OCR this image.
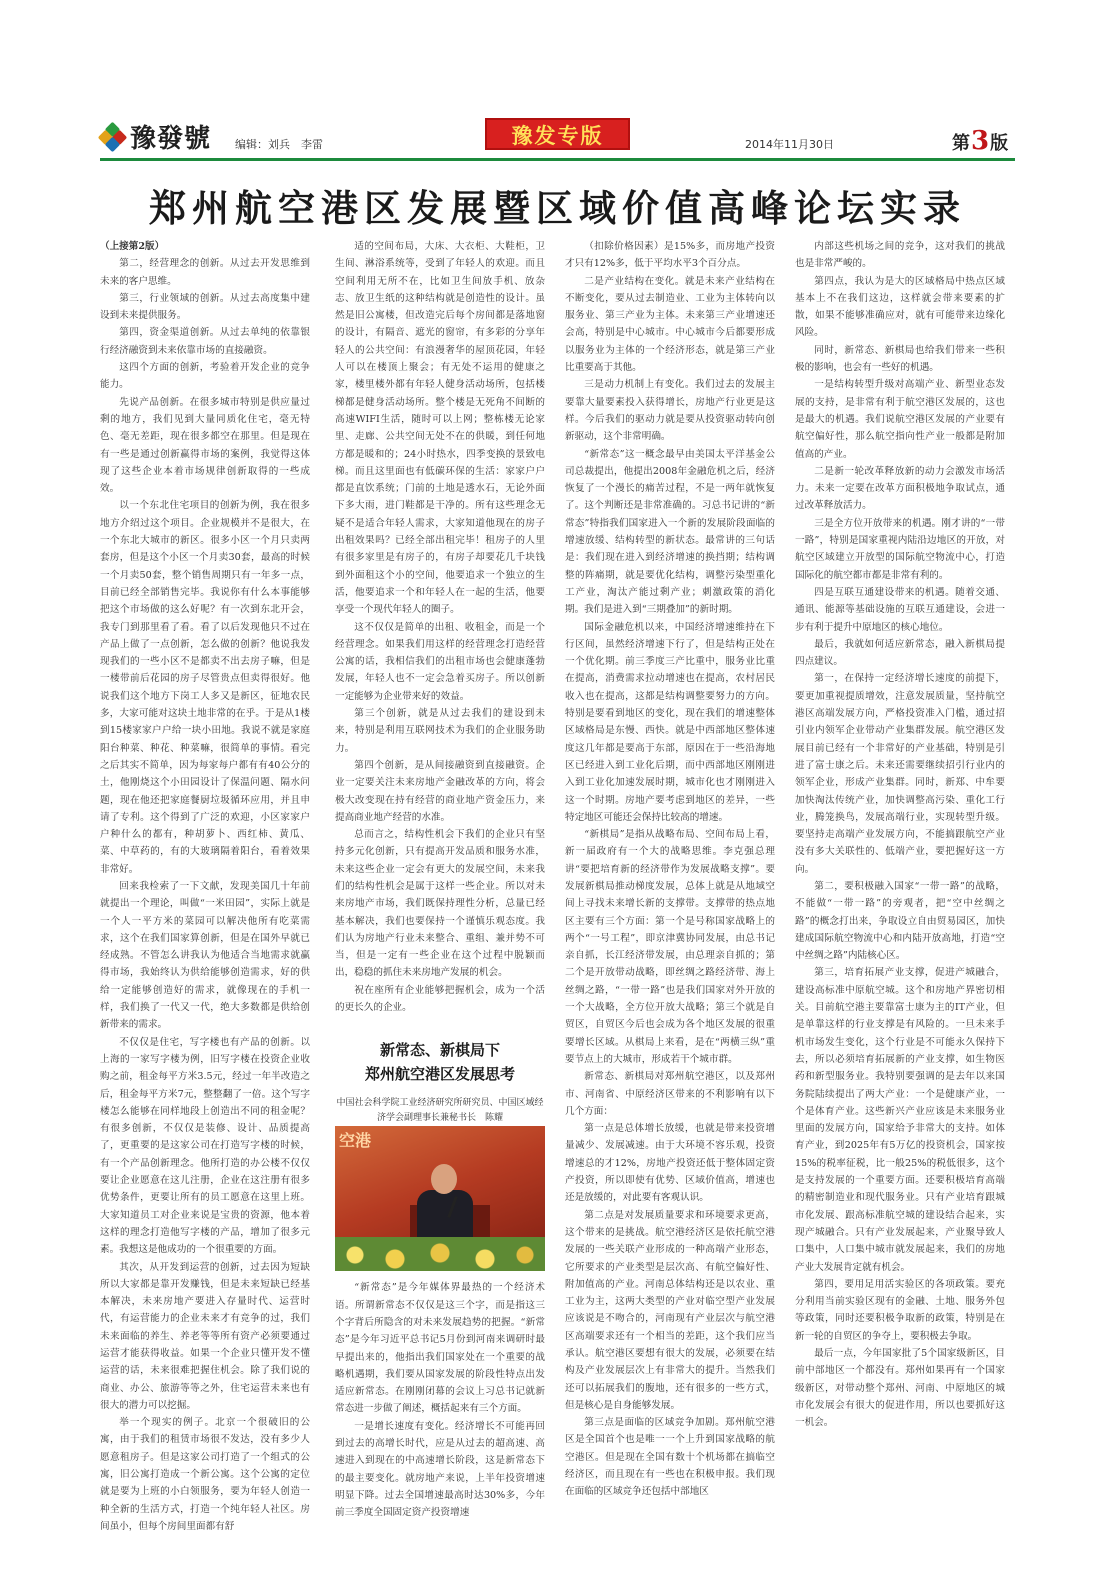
豫發號 编辑：刘兵　李雷	豫发专版	2014年11月30日	第3版
郑州航空港区发展暨区域价值高峰论坛实录

（上接第2版）

第二，经营理念的创新。从过去开发思维到未来的客户思维。

第三，行业领域的创新。从过去高度集中建设到未来提供服务。

第四，资金渠道创新。从过去单纯的依靠银行经济融资到未来依靠市场的直接融资。

这四个方面的创新，考验着开发企业的竞争能力。

先说产品创新。在很多城市特别是供应量过剩的地方，我们见到大量同质化住宅，毫无特色、毫无差距，现在很多都空在那里。但是现在有一些是通过创新赢得市场的案例，我觉得这体现了这些企业本着市场规律创新取得的一些成效。

以一个东北住宅项目的创新为例，我在很多地方介绍过这个项目。企业规模并不是很大，在一个东北大城市的新区。很多小区一个月只卖两套房，但是这个小区一个月卖30套，最高的时候一个月卖50套，整个销售周期只有一年多一点，目前已经全部销售完毕。我说你有什么本事能够把这个市场做的这么好呢？有一次到东北开会，我专门到那里看了看。看了以后发现他只不过在产品上做了一点创新，怎么做的创新？他说我发现我们的一些小区不是都卖不出去房子嘛，但是一楼带前后花园的房子尽管贵点但卖得很好。他说我们这个地方下岗工人多又是新区，征地农民多，大家可能对这块土地非常的在乎。于是从1楼到15楼家家户户给一块小田地。我说不就是家庭阳台种菜、种花、种菜嘛，很简单的事情。看完之后其实不简单，因为每家每户都有有40公分的土，他刚烧这个小田园设计了保温问题、隔水问题，现在他还把家庭餐厨垃圾循环应用，并且申请了专利。这个得到了广泛的欢迎，小区家家户户种什么的都有，种胡萝卜、西红柿、黄瓜、菜、中草药的，有的大玻璃隔着阳台，看着效果非常好。

回来我检索了一下文献，发现美国几十年前就提出一个理论，叫做“一米田园”，实际上就是一个人一平方米的菜园可以解决他所有吃菜需求，这个在我们国家算创新，但是在国外早就已经成熟。不管怎么讲我认为他适合当地需求就赢得市场，我始终认为供给能够创造需求，好的供给一定能够创造好的需求，就像现在的手机一样，我们换了一代又一代，绝大多数都是供给创新带来的需求。

不仅仅是住宅，写字楼也有产品的创新。以上海的一家写字楼为例，旧写字楼在投资企业收购之前，租金每平方米3.5元，经过一年半改造之后，租金每平方米7元，整整翻了一倍。这个写字楼怎么能够在同样地段上创造出不同的租金呢？有很多创新，不仅仅是装修、设计、品质提高了，更重要的是这家公司在打造写字楼的时候，有一个产品创新理念。他所打造的办公楼不仅仅要让企业愿意在这儿注册，企业在这注册有很多优势条件，更要让所有的员工愿意在这里上班。大家知道员工对企业来说是宝贵的资源，他本着这样的理念打造他写字楼的产品，增加了很多元素。我想这是他成功的一个很重要的方面。

其次，从开发到运营的创新，过去因为短缺所以大家都是靠开发赚钱，但是未来短缺已经基本解决，未来房地产要进入存量时代、运营时代，有运营能力的企业未来才有竞争的过，我们未来面临的养生、养老等等所有资产必须要通过运营才能获得收益。如果一个企业只懂开发不懂运营的话，未来很难把握住机会。除了我们说的商业、办公、旅游等等之外，住宅运营未来也有很大的潜力可以挖掘。

举一个现实的例子。北京一个很破旧的公寓，由于我们的租赁市场很不发达，没有多少人愿意租房子。但是这家公司打造了一个组式的公寓，旧公寓打造成一个新公寓。这个公寓的定位就是要为上班的小白领服务，要为年轻人创造一种全新的生活方式，打造一个纯年轻人社区。房间虽小，但每个房间里面都有舒

适的空间布局，大床、大衣柜、大鞋柜，卫生间、淋浴系统等，受到了年轻人的欢迎。而且空间利用无所不在，比如卫生间放手机、放杂志、放卫生纸的这种结构就是创造性的设计。虽然是旧公寓楼，但改造完后每个房间都是落地窗的设计，有隔音、遮光的窗帘，有多彩的分享年轻人的公共空间：有浪漫奢华的屋顶花园，年轻人可以在楼顶上聚会；有无处不运用的健康之家，楼里楼外都有年轻人健身活动场所，包括楼梯都是健身活动场所。整个楼是无死角不间断的高速WIFI生活，随时可以上网；整栋楼无论家里、走廊、公共空间无处不在的供暖，到任何地方都是暖和的；24小时热水，四季变换的景致电梯。而且这里面也有低碳环保的生活：家家户户都是直饮系统；门前的土地是透水石，无论外面下多大雨，进门鞋都是干净的。所有这些理念无疑不是适合年轻人需求，大家知道他现在的房子出租效果吗？已经全部出租完毕！租房子的人里有很多家里是有房子的，有房子却要花几千块钱到外面租这个小的空间，他要追求一个独立的生活，他要追求一个和年轻人在一起的生活，他要享受一个现代年轻人的圈子。

这不仅仅是简单的出租、收租金，而是一个经营理念。如果我们用这样的经营理念打造经营公寓的话，我相信我们的出租市场也会健康蓬勃发展，年轻人也不一定会急着买房子。所以创新一定能够为企业带来好的效益。

第三个创新，就是从过去我们的建设到未来，特别是利用互联网技术为我们的企业服务助力。

第四个创新，是从间接融资到直接融资。企业一定要关注未来房地产金融改革的方向，将会极大改变现在持有经营的商业地产资金压力，来提高商业地产经营的水准。

总而言之，结构性机会下我们的企业只有坚持多元化创新，只有提高开发品质和服务水准，未来这些企业一定会有更大的发展空间，未来我们的结构性机会是属于这样一些企业。所以对未来房地产市场，我们既保持理性分析，总量已经基本解决，我们也要保持一个谨慎乐观态度。我们认为房地产行业未来整合、重组、兼并势不可当，但是一定有一些企业在这个过程中脱颖而出，稳稳的抓住未来房地产发展的机会。

祝在座所有企业能够把握机会，成为一个活的更长久的企业。

新常态、新棋局下
郑州航空港区发展思考

中国社会科学院工业经济研究所研究员、中国区域经济学会副理事长兼秘书长　陈耀

空港

“新常态”是今年媒体界最热的一个经济术语。所谓新常态不仅仅是这三个字，而是指这三个字背后所隐含的对未来发展趋势的把握。“新常态”是今年习近平总书记5月份到河南来调研时最早提出来的，他指出我们国家处在一个重要的战略机遇期，我们要从国家发展的阶段性特点出发适应新常态。在刚刚闭幕的会议上习总书记就新常态进一步做了阐述，概括起来有三个方面。

一是增长速度有变化。经济增长不可能再回到过去的高增长时代，应是从过去的超高速、高速进入到现在的中高速增长阶段，这是新常态下的最主要变化。就房地产来说，上半年投资增速明显下降。过去全国增速最高时达30%多，今年前三季度全国固定资产投资增速

（扣除价格因素）是15%多，而房地产投资才只有12%多，低于平均水平3个百分点。

二是产业结构在变化。就是未来产业结构在不断变化，要从过去制造业、工业为主体转向以服务业、第三产业为主体。未来第三产业增速还会高，特别是中心城市。中心城市今后都要形成以服务业为主体的一个经济形态，就是第三产业比重要高于其他。

三是动力机制上有变化。我们过去的发展主要靠大量要素投入获得增长，房地产行业更是这样。今后我们的驱动力就是要从投资驱动转向创新驱动，这个非常明确。

“新常态”这一概念最早由美国太平洋基金公司总裁提出，他提出2008年金融危机之后，经济恢复了一个漫长的痛苦过程，不是一两年就恢复了。这个判断还是非常准确的。习总书记讲的“新常态”特指我们国家进入一个新的发展阶段面临的增速放缓、结构转型的新状态。最常讲的三句话是：我们现在进入到经济增速的换挡期；结构调整的阵痛期，就是要优化结构，调整污染型重化工产业，淘汰产能过剩产业；刺激政策的消化期。我们是进入到“三期叠加”的新时期。

国际金融危机以来，中国经济增速维持在下行区间，虽然经济增速下行了，但是结构正处在一个优化期。前三季度三产比重中，服务业比重在提高，消费需求拉动增速也在提高，农村居民收入也在提高，这都是结构调整要努力的方向。特别是要看到地区的变化，现在我们的增速整体区域格局是东慢、西快。就是中西部地区整体速度这几年都是要高于东部，原因在于一些沿海地区已经进入到工业化后期，而中西部地区刚刚进入到工业化加速发展时期，城市化也才刚刚进入这一个时期。房地产要考虑到地区的差异，一些特定地区可能还会保持比较高的增速。

“新棋局”是指从战略布局、空间布局上看，新一届政府有一个大的战略思维。李克强总理讲“要把培育新的经济带作为发展战略支撑”。要发展新棋局推动梯度发展，总体上就是从地域空间上寻找未来增长新的支撑带。支撑带的热点地区主要有三个方面：第一个是号称国家战略上的两个“一号工程”，即京津冀协同发展，由总书记亲自抓，长江经济带发展，由总理亲自抓的；第二个是开放带动战略，即丝绸之路经济带、海上丝绸之路，“一带一路”也是我们国家对外开放的一个大战略，全方位开放大战略；第三个就是自贸区，自贸区今后也会成为各个地区发展的很重要增长区域。从棋局上来看，是在“两横三纵”重要节点上的大城市，形成若干个城市群。

新常态、新棋局对郑州航空港区，以及郑州市、河南省、中原经济区带来的不利影响有以下几个方面：

第一点是总体增长放缓，也就是带来投资增量减少、发展减速。由于大环境不容乐观，投资增速总的才12%，房地产投资还低于整体固定资产投资，所以即使有优势、区域价值高，增速也还是放缓的，对此要有客观认识。

第二点是对发展质量要求和环境要求更高，这个带来的是挑战。航空港经济区是依托航空港发展的一些关联产业形成的一种高端产业形态，它所要求的产业类型是层次高、有航空偏好性、附加值高的产业。河南总体结构还是以农业、重工业为主，这两大类型的产业对临空型产业发展应该说是不吻合的，河南现有产业层次与航空港区高端要求还有一个相当的差距，这个我们应当承认。航空港区要想有很大的发展，必须要在结构及产业发展层次上有非常大的提升。当然我们还可以拓展我们的腹地，还有很多的一些方式，但是核心是自身能够发展。

第三点是面临的区域竞争加剧。郑州航空港区是全国首个也是唯一一个上升到国家战略的航空港区。但是现在全国有数十个机场都在搞临空经济区，而且现在有一些也在积极申报。我们现在面临的区域竞争还包括中部地区

内部这些机场之间的竞争，这对我们的挑战也是非常严峻的。

第四点，我认为是大的区域格局中热点区域基本上不在我们这边，这样就会带来要素的扩散，如果不能够准确应对，就有可能带来边缘化风险。

同时，新常态、新棋局也给我们带来一些积极的影响，也会有一些好的机遇。

一是结构转型升级对高端产业、新型业态发展的支持，是非常有利于航空港区发展的，这也是最大的机遇。我们说航空港区发展的产业要有航空偏好性，那么航空指向性产业一般都是附加值高的产业。

二是新一轮改革释放新的动力会激发市场活力。未来一定要在改革方面积极地争取试点，通过改革释放活力。

三是全方位开放带来的机遇。刚才讲的“一带一路”，特别是国家重视内陆沿边地区的开放，对航空区域建立开放型的国际航空物流中心，打造国际化的航空都市都是非常有利的。

四是互联互通建设带来的机遇。随着交通、通讯、能源等基础设施的互联互通建设，会进一步有利于提升中原地区的核心地位。

最后，我就如何适应新常态，融入新棋局提四点建议。

第一，在保持一定经济增长速度的前提下，要更加重视提质增效，注意发展质量，坚持航空港区高端发展方向，严格投资准入门槛，通过招引业内领军企业带动产业集群发展。航空港区发展目前已经有一个非常好的产业基础，特别是引进了富士康之后。未来还需要继续招引行业内的领军企业，形成产业集群。同时，新郑、中牟要加快淘汰传统产业，加快调整高污染、重化工行业，腾笼换鸟，发展高端行业，实现转型升级。要坚持走高端产业发展方向，不能搞跟航空产业没有多大关联性的、低端产业，要把握好这一方向。

第二，要积极融入国家“一带一路”的战略，不能做“一带一路”的旁观者，把“空中丝绸之路”的概念打出来，争取设立自由贸易园区，加快建成国际航空物流中心和内陆开放高地，打造“空中丝绸之路”内陆核心区。

第三，培育拓展产业支撑，促进产城融合，建设高标准中原航空城。这个和房地产界密切相关。目前航空港主要靠富士康为主的IT产业，但是单靠这样的行业支撑是有风险的。一旦未来手机市场发生变化，这个行业是不可能永久保持下去，所以必须培育拓展新的产业支撑，如生物医药和新型服务业。我特别要强调的是去年以来国务院陆续提出了两大产业：一个是健康产业，一个是体育产业。这些新兴产业应该是未来服务业里面的发展方向，国家给予非常大的支持。如体育产业，到2025年有5万亿的投资机会，国家按15%的税率征税，比一般25%的税低很多，这个是支持发展的一个重要方面。还要积极培育高端的精密制造业和现代服务业。只有产业培育跟城市化发展、跟高标准航空城的建设结合起来，实现产城融合。只有产业发展起来，产业聚导致人口集中，人口集中城市就发展起来，我们的房地产业大发展肯定就有机会。

第四，要用足用活实验区的各项政策。要充分利用当前实验区现有的金融、土地、服务外包等政策，同时还要积极争取新的政策，特别是在新一轮的自贸区的争夺上，要积极去争取。

最后一点，今年国家批了5个国家级新区，目前中部地区一个都没有。郑州如果再有一个国家级新区，对带动整个郑州、河南、中原地区的城市化发展会有很大的促进作用，所以也要抓好这一机会。
